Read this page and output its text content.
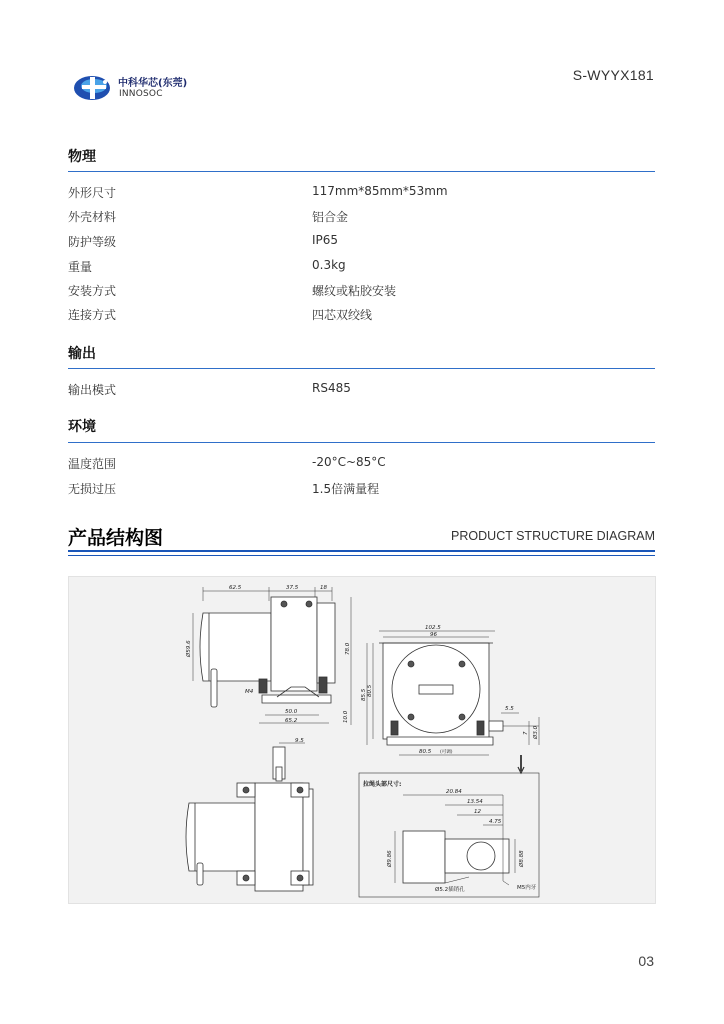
中科华芯(东莞)
INNOSOC
S-WYYX181
物理
外形尺寸	117mm*85mm*53mm
外壳材料	铝合金
防护等级	IP65
重量	0.3kg
安装方式	螺纹或粘胶安装
连接方式	四芯双绞线
输出
输出模式	RS485
环境
温度范围	-20°C~85°C
无损过压	1.5倍满量程
产品结构图	PRODUCT STRUCTURE DIAGRAM
62.5	37.5	18
Ø59.6	78.0
M4
50.0
65.2	10.0
102.5
96
85.5 80.5
80.5 (可调)
5.5
7 Ø3.0
9.5
拉绳头部尺寸:
20.84
13.54
12
4.75
Ø9.86	Ø8.88
Ø5.2插销孔	M5内牙
03
